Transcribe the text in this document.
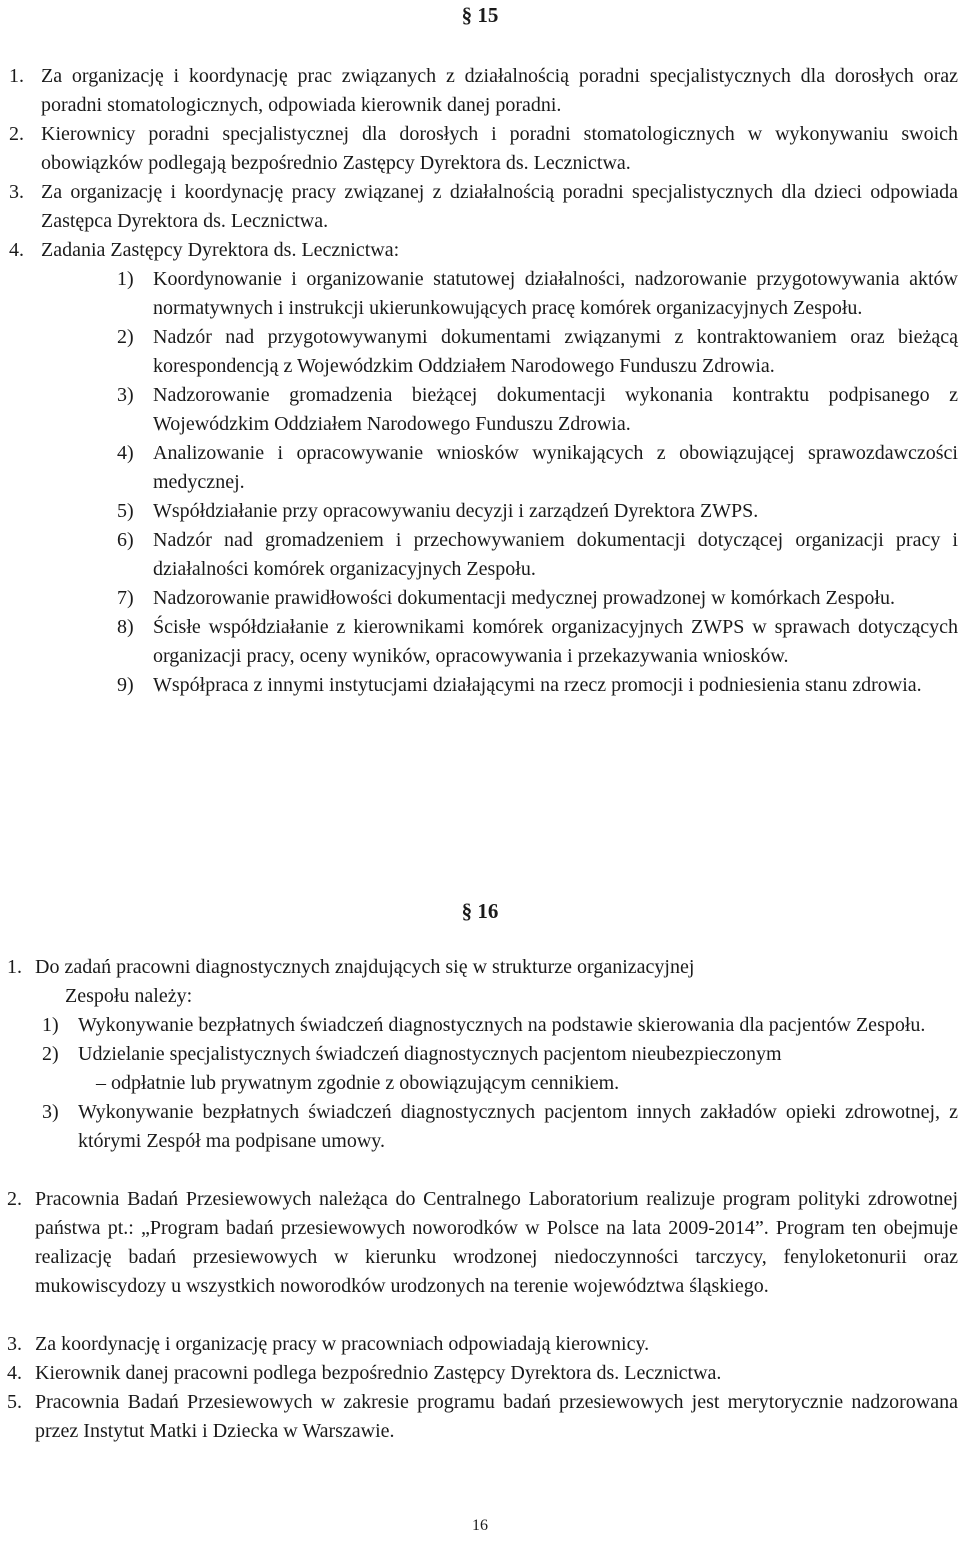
§ 15

1. Za organizację i koordynację prac związanych z działalnością poradni specjalistycznych dla dorosłych oraz poradni stomatologicznych, odpowiada kierownik danej poradni.

2. Kierownicy poradni specjalistycznej dla dorosłych i poradni stomatologicznych w wykonywaniu swoich obowiązków podlegają bezpośrednio Zastępcy Dyrektora ds. Lecznictwa.

3. Za organizację i koordynację pracy związanej z działalnością poradni specjalistycznych dla dzieci odpowiada Zastępca Dyrektora ds. Lecznictwa.

4. Zadania Zastępcy Dyrektora ds. Lecznictwa:

1) Koordynowanie i organizowanie statutowej działalności, nadzorowanie przygotowywania aktów normatywnych i instrukcji ukierunkowujących pracę komórek organizacyjnych Zespołu.

2) Nadzór nad przygotowywanymi dokumentami związanymi z kontraktowaniem oraz bieżącą korespondencją z Wojewódzkim Oddziałem Narodowego Funduszu Zdrowia.

3) Nadzorowanie gromadzenia bieżącej dokumentacji wykonania kontraktu podpisanego z Wojewódzkim Oddziałem Narodowego Funduszu Zdrowia.

4) Analizowanie i opracowywanie wniosków wynikających z obowiązującej sprawozdawczości medycznej.

5) Współdziałanie przy opracowywaniu decyzji i zarządzeń Dyrektora ZWPS.

6) Nadzór nad gromadzeniem i przechowywaniem dokumentacji dotyczącej organizacji pracy i działalności komórek organizacyjnych Zespołu.

7) Nadzorowanie prawidłowości dokumentacji medycznej prowadzonej w komórkach Zespołu.

8) Ścisłe współdziałanie z kierownikami komórek organizacyjnych ZWPS w sprawach dotyczących organizacji pracy, oceny wyników, opracowywania i przekazywania wniosków.

9) Współpraca z innymi instytucjami działającymi na rzecz promocji i podniesienia stanu zdrowia.

§ 16

1. Do zadań pracowni diagnostycznych znajdujących się w strukturze organizacyjnej
Zespołu należy:

1) Wykonywanie bezpłatnych świadczeń diagnostycznych na podstawie skierowania dla pacjentów Zespołu.

2) Udzielanie specjalistycznych świadczeń diagnostycznych pacjentom nieubezpieczonym
– odpłatnie lub prywatnym zgodnie z obowiązującym cennikiem.

3) Wykonywanie bezpłatnych świadczeń diagnostycznych pacjentom innych zakładów opieki zdrowotnej, z którymi Zespół ma podpisane umowy.

2. Pracownia Badań Przesiewowych należąca do Centralnego Laboratorium realizuje program polityki zdrowotnej państwa pt.: „Program badań przesiewowych noworodków w Polsce na lata 2009-2014”. Program ten obejmuje realizację badań przesiewowych w kierunku wrodzonej niedoczynności tarczycy, fenyloketonurii oraz mukowiscydozy u wszystkich noworodków urodzonych na terenie województwa śląskiego.

3. Za koordynację i organizację pracy w pracowniach odpowiadają kierownicy.

4. Kierownik danej pracowni podlega bezpośrednio Zastępcy Dyrektora ds. Lecznictwa.

5. Pracownia Badań Przesiewowych w zakresie programu badań przesiewowych jest merytorycznie nadzorowana przez Instytut Matki i Dziecka w Warszawie.

16
